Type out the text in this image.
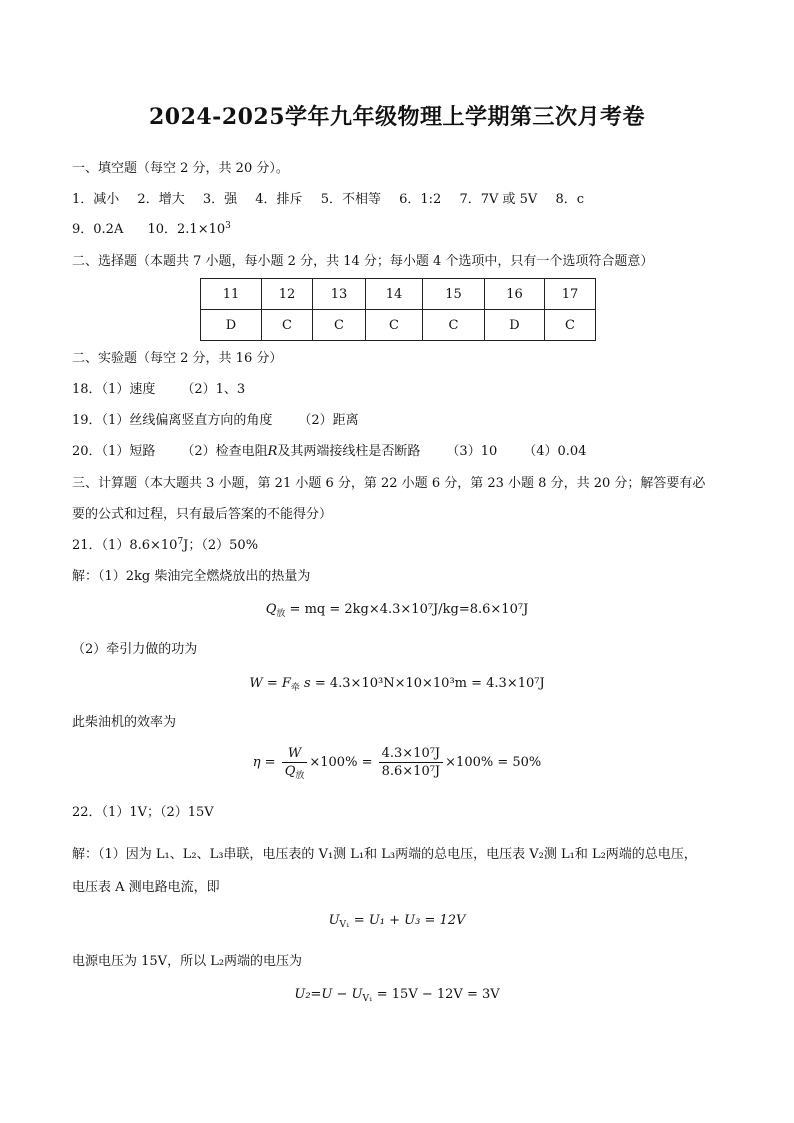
2024-2025学年九年级物理上学期第三次月考卷
一、填空题（每空 2 分，共 20 分）。
1．减小 2．增大 3．强 4．排斥 5．不相等 6．1:2 7．7V 或 5V 8．c
9．0.2A 10．$2.1\times 10^3$
二、选择题（本题共 7 小题，每小题 2 分，共 14 分；每小题 4 个选项中，只有一个选项符合题意）
11	12	13	14	15	16	17
D	C	C	C	C	D	C
二、实验题（每空 2 分，共 16 分）
18．（1）速度 （2）1、3
19．（1）丝线偏离竖直方向的角度 （2）距离
20．（1）短路 （2）检查电阻R及其两端接线柱是否断路 （3）10 （4）0.04
三、计算题（本大题共 3 小题，第 21 小题 6 分，第 22 小题 6 分，第 23 小题 8 分，共 20 分；解答要有必
要的公式和过程，只有最后答案的不能得分）
21．$(1)8.6\times 10^7J$；（2）50%
解：（1）2kg 柴油完全燃烧放出的热量为
$Q_放$ = mq = 2kg×4.3×10⁷J/kg=8.6×10⁷J
（2）牵引力做的功为
$W = F_牵$ s = 4.3×10³N×10×10³m = 4.3×10⁷J
此柴油机的效率为
$\eta = \frac{W}{Q_放} \times 100\% = \frac{\text{4.3×10⁷J}}{\text{8.6×10⁷J}} \times 100\% = 50\%$
22．（1）1V；（2）15V
解：（1）因为 L₁、L₂、L₃串联，电压表的 V₁测 L₁和 L₃两端的总电压，电压表 V₂测 L₁和 L₂两端的总电压，
电压表 A 测电路电流，即
$U_{V_1} = U_1 + U_3 = 12V$
电源电压为 15V，所以 L₂两端的电压为
$U_2=U - U_{V_1} = 15V - 12V = 3V$
